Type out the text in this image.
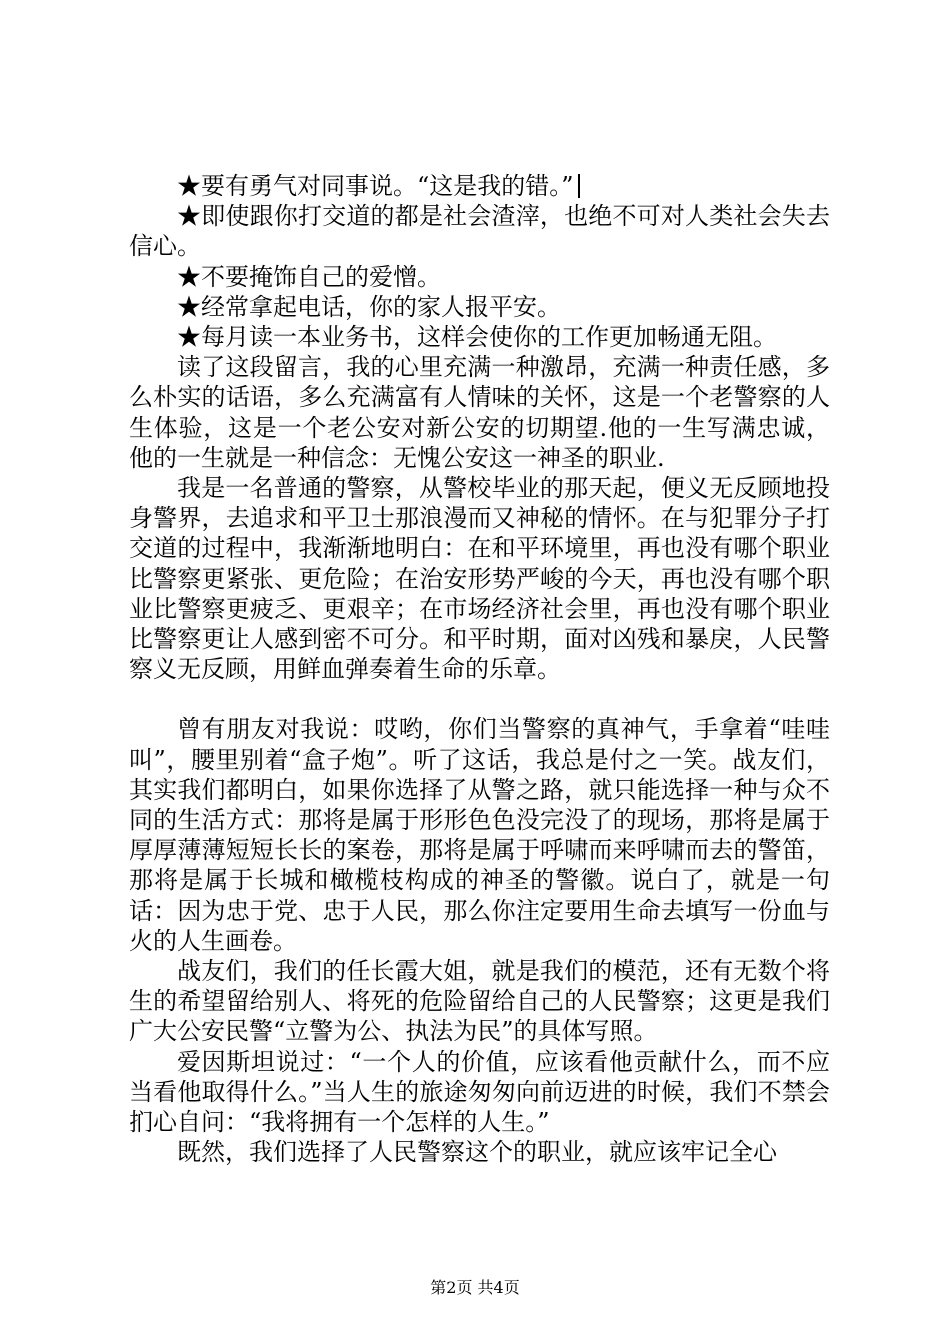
★要有勇气对同事说。“这是我的错。”

★即使跟你打交道的都是社会渣滓，也绝不可对人类社会失去信心。

★不要掩饰自己的爱憎。

★经常拿起电话，你的家人报平安。

★每月读一本业务书，这样会使你的工作更加畅通无阻。

读了这段留言，我的心里充满一种激昂，充满一种责任感，多么朴实的话语，多么充满富有人情味的关怀，这是一个老警察的人生体验，这是一个老公安对新公安的切期望.他的一生写满忠诚，他的一生就是一种信念：无愧公安这一神圣的职业.

我是一名普通的警察，从警校毕业的那天起，便义无反顾地投身警界，去追求和平卫士那浪漫而又神秘的情怀。在与犯罪分子打交道的过程中，我渐渐地明白：在和平环境里，再也没有哪个职业比警察更紧张、更危险；在治安形势严峻的今天，再也没有哪个职业比警察更疲乏、更艰辛；在市场经济社会里，再也没有哪个职业比警察更让人感到密不可分。和平时期，面对凶残和暴戾，人民警察义无反顾，用鲜血弹奏着生命的乐章。

曾有朋友对我说：哎哟，你们当警察的真神气，手拿着“哇哇叫”，腰里别着“盒子炮”。听了这话，我总是付之一笑。战友们，其实我们都明白，如果你选择了从警之路，就只能选择一种与众不同的生活方式：那将是属于形形色色没完没了的现场，那将是属于厚厚薄薄短短长长的案卷，那将是属于呼啸而来呼啸而去的警笛，那将是属于长城和橄榄枝构成的神圣的警徽。说白了，就是一句话：因为忠于党、忠于人民，那么你注定要用生命去填写一份血与火的人生画卷。

战友们，我们的任长霞大姐，就是我们的模范，还有无数个将生的希望留给别人、将死的危险留给自己的人民警察；这更是我们广大公安民警“立警为公、执法为民”的具体写照。

爱因斯坦说过：“一个人的价值，应该看他贡献什么，而不应当看他取得什么。”当人生的旅途匆匆向前迈进的时候，我们不禁会扪心自问：“我将拥有一个怎样的人生。”

既然，我们选择了人民警察这个的职业，就应该牢记全心

第2页 共4页
